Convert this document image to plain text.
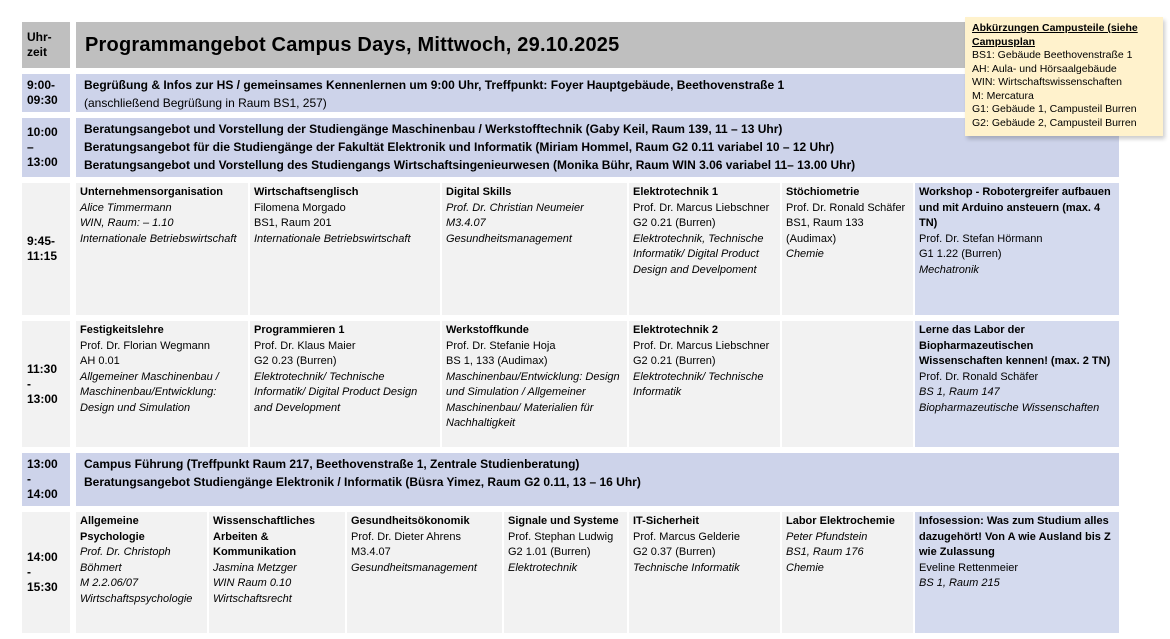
Uhr-
zeit	Programmangebot Campus Days, Mittwoch, 29.10.2025
9:00-
09:30
Begrüßung & Infos zur HS / gemeinsames Kennenlernen um 9:00 Uhr, Treffpunkt: Foyer Hauptgebäude, Beethovenstraße 1
(anschließend Begrüßung in Raum BS1, 257)
10:00
–
13:00
Beratungsangebot und Vorstellung der Studiengänge Maschinenbau / Werkstofftechnik (Gaby Keil, Raum 139, 11 – 13 Uhr)
Beratungsangebot für die Studiengänge der Fakultät Elektronik und Informatik (Miriam Hommel, Raum G2 0.11 variabel 10 – 12 Uhr)
Beratungsangebot und Vorstellung des Studiengangs Wirtschaftsingenieurwesen (Monika Bühr, Raum WIN 3.06 variabel 11– 13.00 Uhr)
9:45-
11:15
Unternehmensorganisation
Alice Timmermann
WIN, Raum: – 1.10
Internationale Betriebswirtschaft
Wirtschaftsenglisch
Filomena Morgado
BS1, Raum 201
Internationale Betriebswirtschaft
Digital Skills
Prof. Dr. Christian Neumeier
M3.4.07
Gesundheitsmanagement
Elektrotechnik 1
Prof. Dr. Marcus Liebschner
G2 0.21 (Burren)
Elektrotechnik, Technische Informatik/ Digital Product Design and Develpoment
Stöchiometrie
Prof. Dr. Ronald Schäfer
BS1, Raum 133 (Audimax)
Chemie
Workshop - Robotergreifer aufbauen und mit Arduino ansteuern (max. 4 TN)
Prof. Dr. Stefan Hörmann
G1 1.22 (Burren)
Mechatronik
11:30
-
13:00
Festigkeitslehre
Prof. Dr. Florian Wegmann
AH 0.01
Allgemeiner Maschinenbau / Maschinenbau/Entwicklung: Design und Simulation
Programmieren 1
Prof. Dr. Klaus Maier
G2 0.23 (Burren)
Elektrotechnik/ Technische Informatik/ Digital Product Design and Development
Werkstoffkunde
Prof. Dr. Stefanie Hoja
BS 1, 133 (Audimax)
Maschinenbau/Entwicklung: Design und Simulation / Allgemeiner Maschinenbau/ Materialien für Nachhaltigkeit
Elektrotechnik 2
Prof. Dr. Marcus Liebschner
G2 0.21 (Burren)
Elektrotechnik/ Technische Informatik
Lerne das Labor der Biopharmazeutischen Wissenschaften kennen! (max. 2 TN)
Prof. Dr. Ronald Schäfer
BS 1, Raum 147
Biopharmazeutische Wissenschaften
13:00
-
14:00
Campus Führung (Treffpunkt Raum 217, Beethovenstraße 1, Zentrale Studienberatung)
Beratungsangebot Studiengänge Elektronik / Informatik (Büsra Yimez, Raum G2 0.11, 13 – 16 Uhr)
14:00
-
15:30
Allgemeine Psychologie
Prof. Dr. Christoph Böhmert
M 2.2.06/07
Wirtschaftspsychologie
Wissenschaftliches Arbeiten & Kommunikation
Jasmina Metzger
WIN Raum 0.10
Wirtschaftsrecht
Gesundheitsökonomik
Prof. Dr. Dieter Ahrens
M3.4.07
Gesundheitsmanagement
Signale und Systeme
Prof. Stephan Ludwig
G2 1.01 (Burren)
Elektrotechnik
IT-Sicherheit
Prof. Marcus Gelderie
G2 0.37 (Burren)
Technische Informatik
Labor Elektrochemie
Peter Pfundstein
BS1, Raum 176
Chemie
Infosession: Was zum Studium alles dazugehört! Von A wie Ausland bis Z wie Zulassung
Eveline Rettenmeier
BS 1, Raum 215
Abkürzungen Campusteile (siehe Campusplan
BS1: Gebäude Beethovenstraße 1
AH: Aula- und Hörsaalgebäude
WIN: Wirtschaftswissenschaften
M: Mercatura
G1: Gebäude 1, Campusteil Burren
G2: Gebäude 2, Campusteil Burren
